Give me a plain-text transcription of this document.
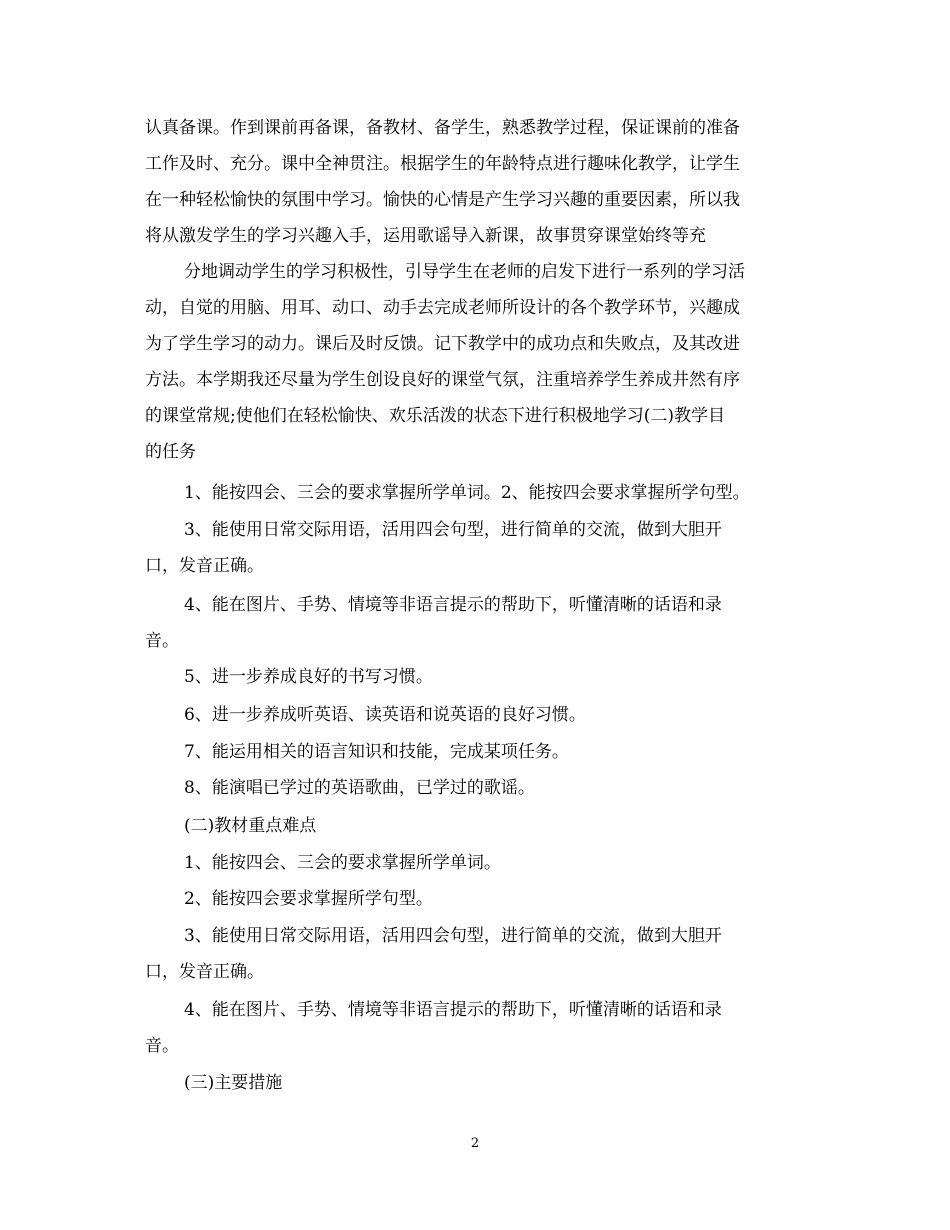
认真备课。作到课前再备课，备教材、备学生，熟悉教学过程，保证课前的准备
工作及时、充分。课中全神贯注。根据学生的年龄特点进行趣味化教学，让学生
在一种轻松愉快的氛围中学习。愉快的心情是产生学习兴趣的重要因素，所以我
将从激发学生的学习兴趣入手，运用歌谣导入新课，故事贯穿课堂始终等充
分地调动学生的学习积极性，引导学生在老师的启发下进行一系列的学习活
动，自觉的用脑、用耳、动口、动手去完成老师所设计的各个教学环节，兴趣成
为了学生学习的动力。课后及时反馈。记下教学中的成功点和失败点，及其改进
方法。本学期我还尽量为学生创设良好的课堂气氛，注重培养学生养成井然有序
的课堂常规;使他们在轻松愉快、欢乐活泼的状态下进行积极地学习(二)教学目
的任务
1、能按四会、三会的要求掌握所学单词。2、能按四会要求掌握所学句型。
3、能使用日常交际用语，活用四会句型，进行简单的交流，做到大胆开
口，发音正确。
4、能在图片、手势、情境等非语言提示的帮助下，听懂清晰的话语和录
音。
5、进一步养成良好的书写习惯。
6、进一步养成听英语、读英语和说英语的良好习惯。
7、能运用相关的语言知识和技能，完成某项任务。
8、能演唱已学过的英语歌曲，已学过的歌谣。
(二)教材重点难点
1、能按四会、三会的要求掌握所学单词。
2、能按四会要求掌握所学句型。
3、能使用日常交际用语，活用四会句型，进行简单的交流，做到大胆开
口，发音正确。
4、能在图片、手势、情境等非语言提示的帮助下，听懂清晰的话语和录
音。
(三)主要措施
2
